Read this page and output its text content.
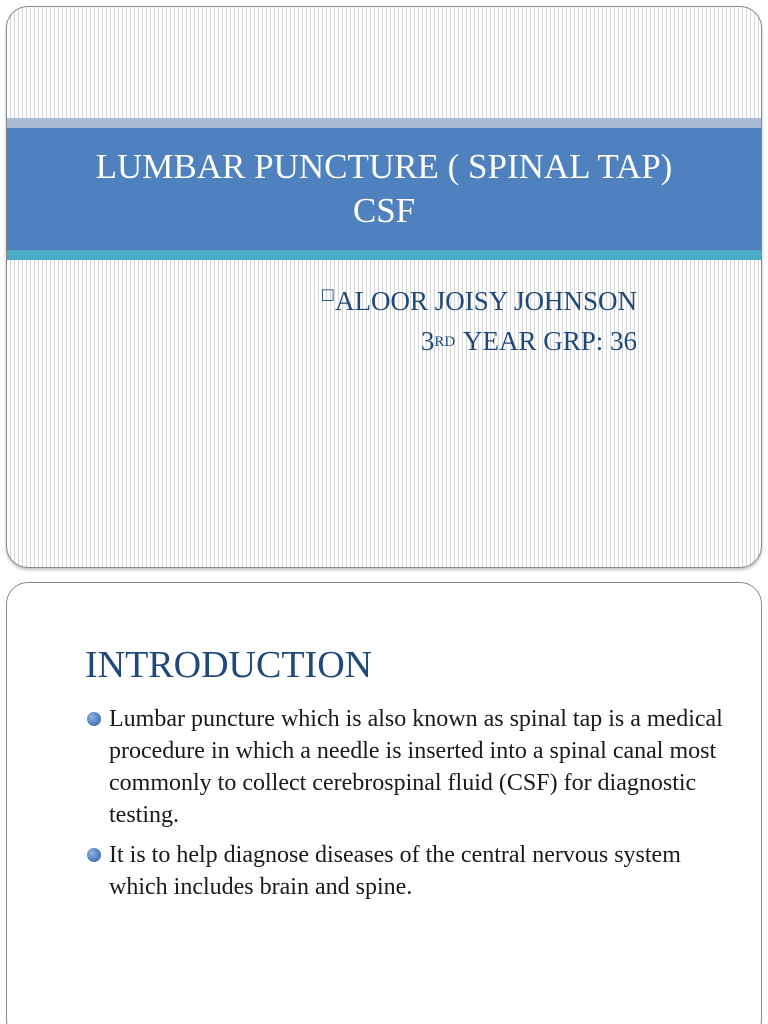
LUMBAR PUNCTURE ( SPINAL TAP)
CSF
☐ALOOR JOISY JOHNSON
3RD YEAR GRP: 36
INTRODUCTION
Lumbar puncture which is also known as spinal tap is a medical procedure in which a needle is inserted into a spinal canal most commonly to collect cerebrospinal fluid (CSF) for diagnostic testing.
It is to help diagnose diseases of the central nervous system which includes brain and spine.
